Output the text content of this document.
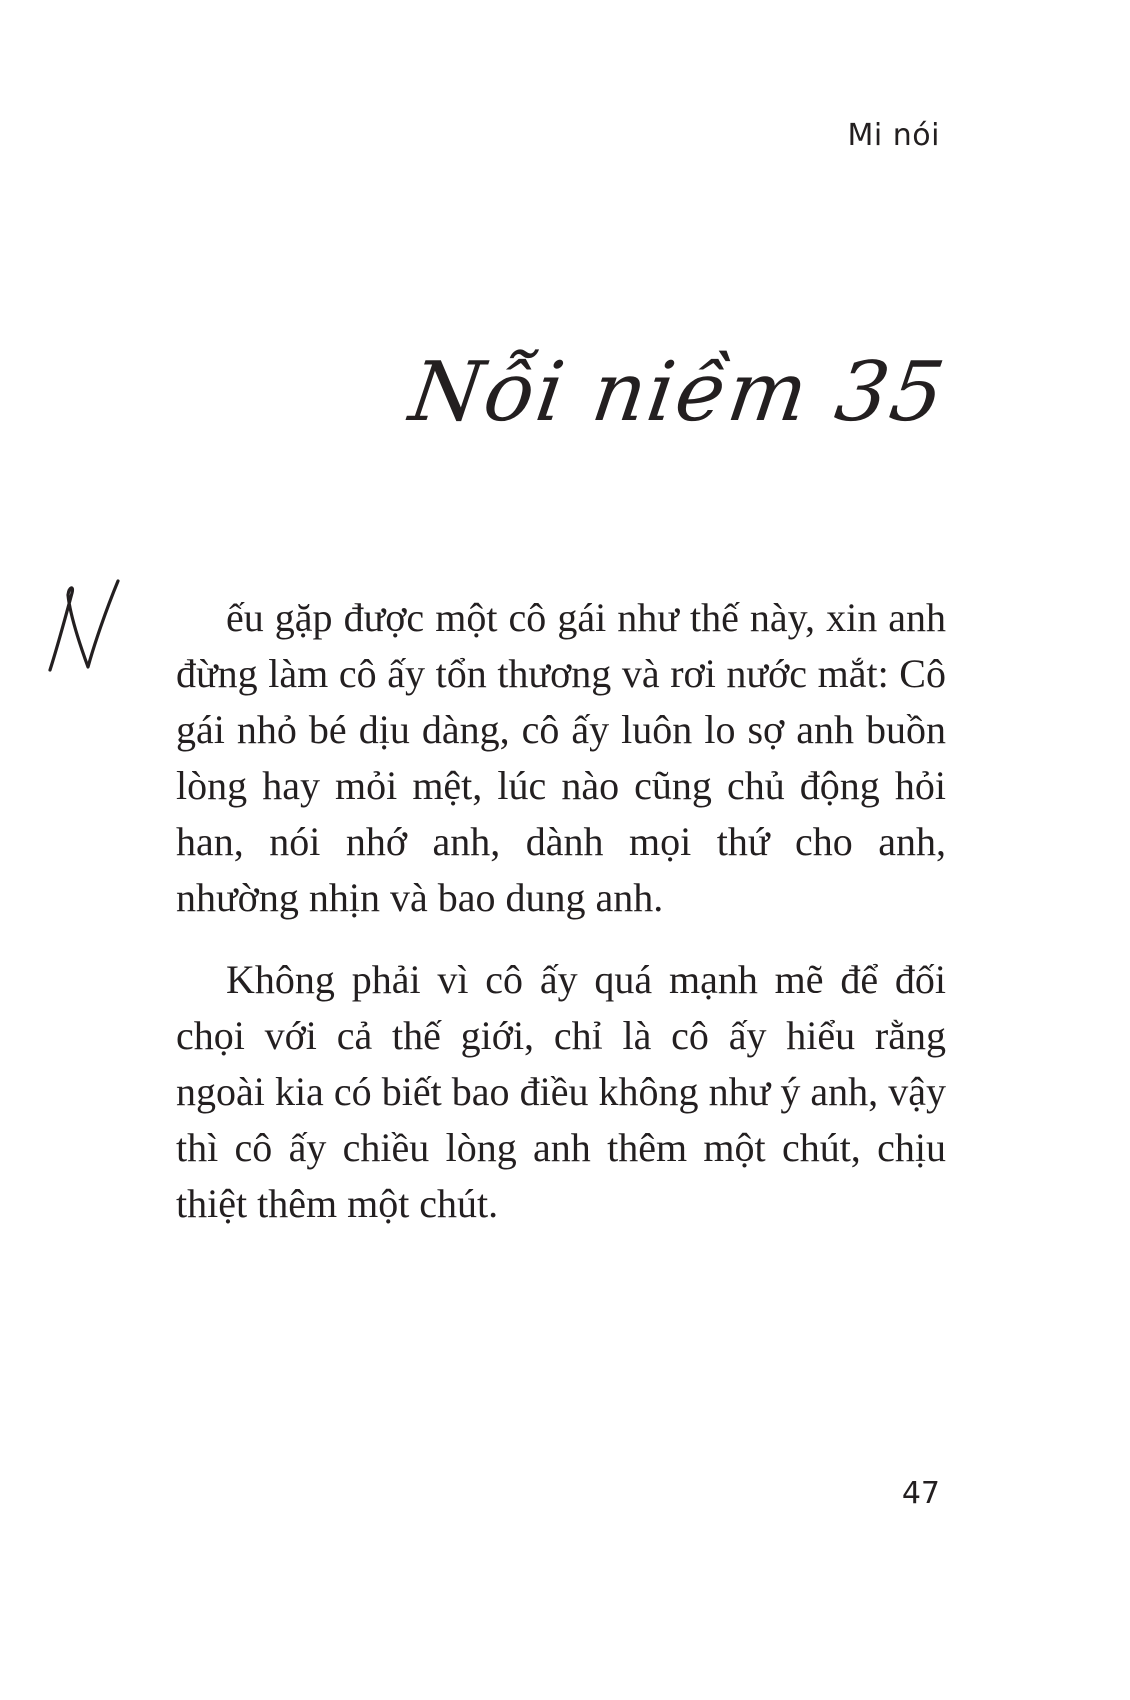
Mi nói
Nỗi niềm 35

ếu gặp được một cô gái như thế này, xin anh đừng làm cô ấy tổn thương và rơi nước mắt: Cô gái nhỏ bé dịu dàng, cô ấy luôn lo sợ anh buồn lòng hay mỏi mệt, lúc nào cũng chủ động hỏi han, nói nhớ anh, dành mọi thứ cho anh, nhường nhịn và bao dung anh.

Không phải vì cô ấy quá mạnh mẽ để đối chọi với cả thế giới, chỉ là cô ấy hiểu rằng ngoài kia có biết bao điều không như ý anh, vậy thì cô ấy chiều lòng anh thêm một chút, chịu thiệt thêm một chút.

47
